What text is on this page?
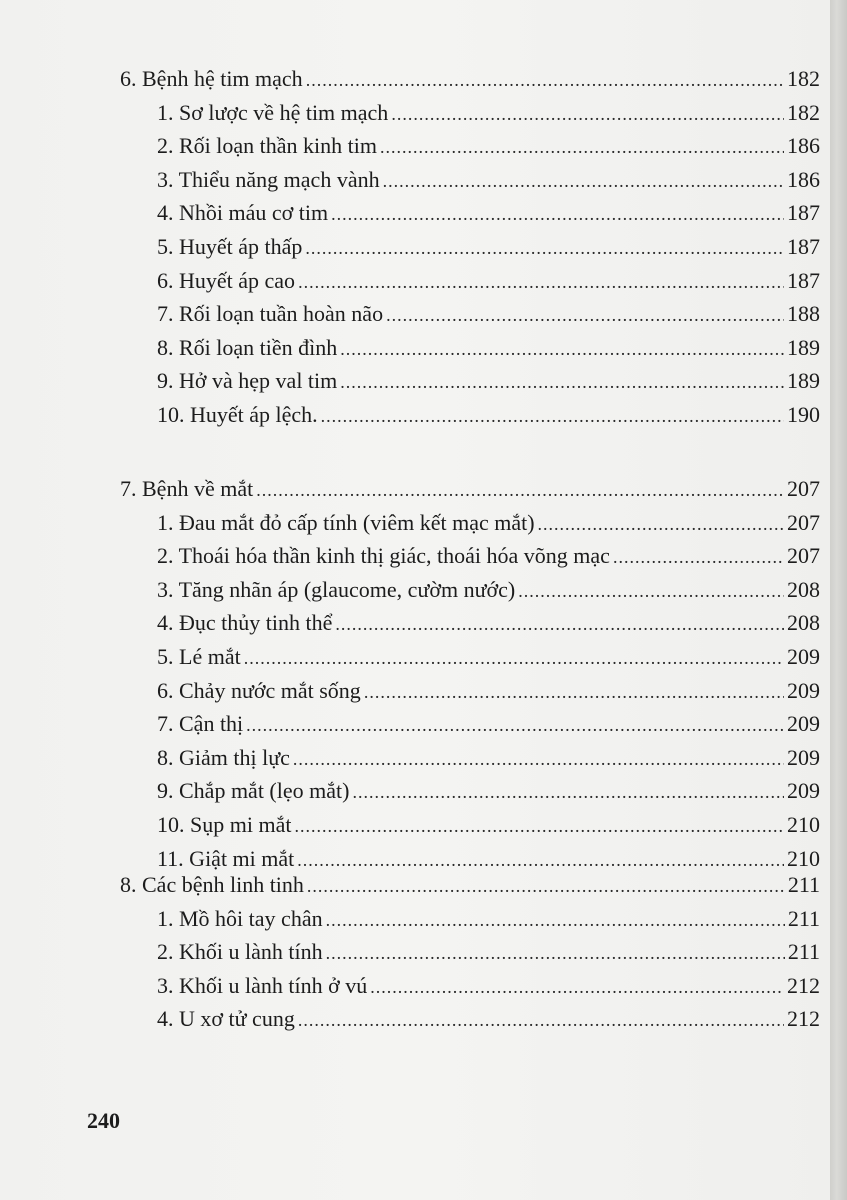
6. Bệnh hệ tim mạch .....	182
1. Sơ lược về hệ tim mạch .....	182
2. Rối loạn thần kinh tim .....	186
3. Thiểu năng mạch vành .....	186
4. Nhồi máu cơ tim .....	187
5. Huyết áp thấp .....	187
6. Huyết áp cao .....	187
7. Rối loạn tuần hoàn não .....	188
8. Rối loạn tiền đình .....	189
9. Hở và hẹp val tim .....	189
10. Huyết áp lệch. .....	190
7. Bệnh về mắt .....	207
1. Đau mắt đỏ cấp tính (viêm kết mạc mắt) .....	207
2. Thoái hóa thần kinh thị giác, thoái hóa võng mạc .....	207
3. Tăng nhãn áp (glaucome, cườm nước) .....	208
4. Đục thủy tinh thể .....	208
5. Lé mắt .....	209
6. Chảy nước mắt sống .....	209
7. Cận thị .....	209
8. Giảm thị lực .....	209
9. Chắp mắt (lẹo mắt) .....	209
10. Sụp mi mắt .....	210
11. Giật mi mắt .....	210
8. Các bệnh linh tinh .....	211
1. Mồ hôi tay chân .....	211
2. Khối u lành tính .....	211
3. Khối u lành tính ở vú .....	212
4. U xơ tử cung .....	212
240
